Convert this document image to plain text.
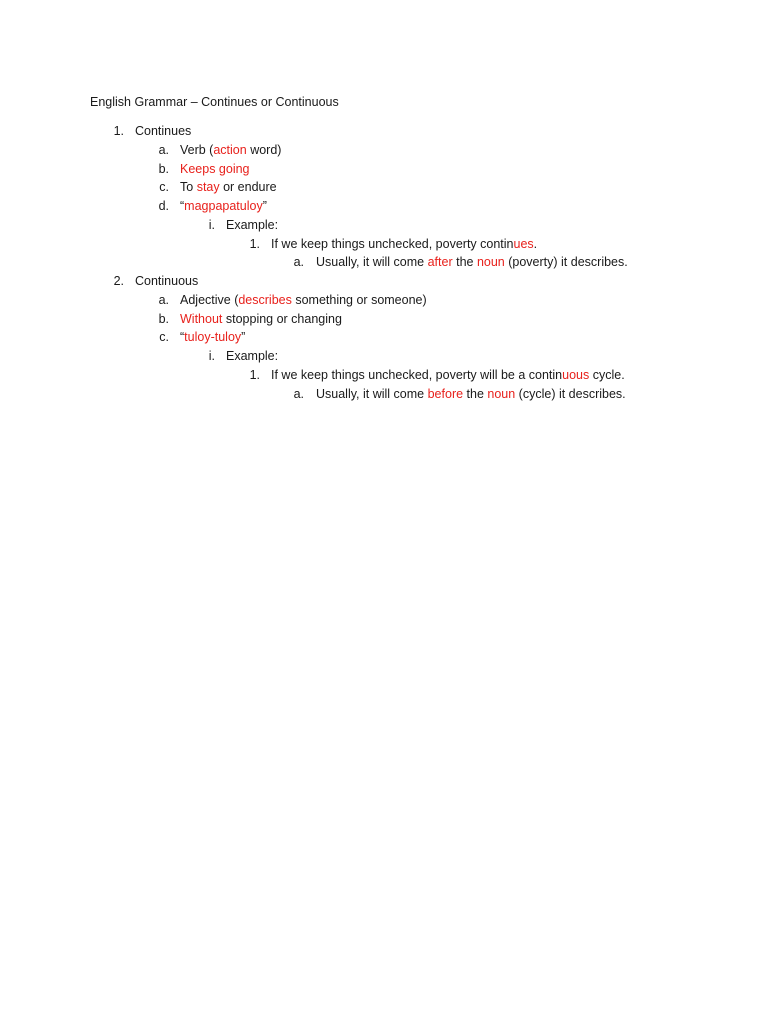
English Grammar – Continues or Continuous
1. Continues
a. Verb (action word)
b. Keeps going
c. To stay or endure
d. “magpapatuloy”
i. Example:
1. If we keep things unchecked, poverty continues.
a. Usually, it will come after the noun (poverty) it describes.
2. Continuous
a. Adjective (describes something or someone)
b. Without stopping or changing
c. “tuloy-tuloy”
i. Example:
1. If we keep things unchecked, poverty will be a continuous cycle.
a. Usually, it will come before the noun (cycle) it describes.
